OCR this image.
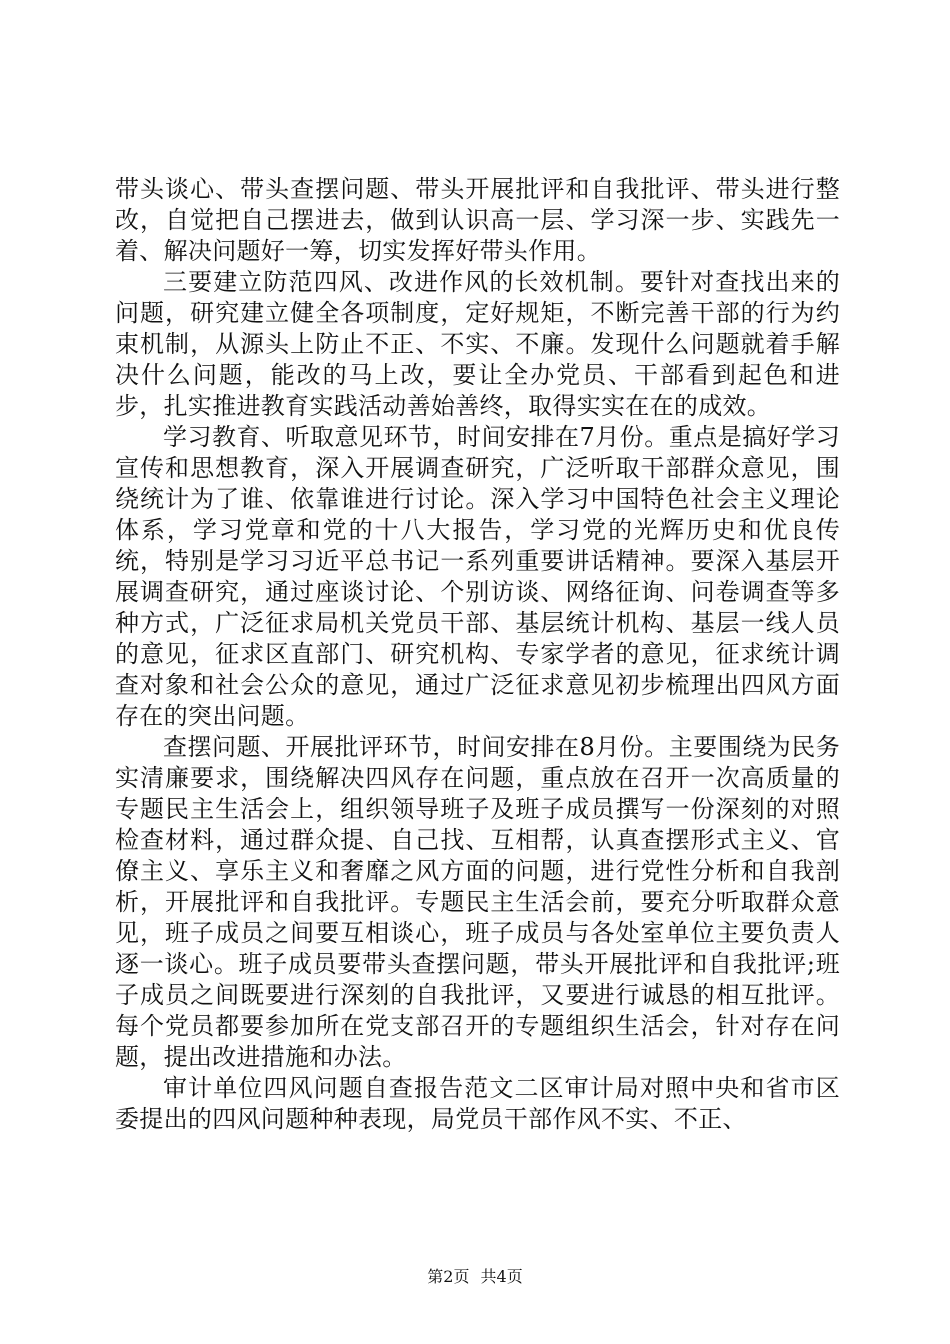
带头谈心、带头查摆问题、带头开展批评和自我批评、带头进行整改，自觉把自己摆进去，做到认识高一层、学习深一步、实践先一着、解决问题好一筹，切实发挥好带头作用。

三要建立防范四风、改进作风的长效机制。要针对查找出来的问题，研究建立健全各项制度，定好规矩，不断完善干部的行为约束机制，从源头上防止不正、不实、不廉。发现什么问题就着手解决什么问题，能改的马上改，要让全办党员、干部看到起色和进步，扎实推进教育实践活动善始善终，取得实实在在的成效。

学习教育、听取意见环节，时间安排在7月份。重点是搞好学习宣传和思想教育，深入开展调查研究，广泛听取干部群众意见，围绕统计为了谁、依靠谁进行讨论。深入学习中国特色社会主义理论体系，学习党章和党的十八大报告，学习党的光辉历史和优良传统，特别是学习习近平总书记一系列重要讲话精神。要深入基层开展调查研究，通过座谈讨论、个别访谈、网络征询、问卷调查等多种方式，广泛征求局机关党员干部、基层统计机构、基层一线人员的意见，征求区直部门、研究机构、专家学者的意见，征求统计调查对象和社会公众的意见，通过广泛征求意见初步梳理出四风方面存在的突出问题。

查摆问题、开展批评环节，时间安排在8月份。主要围绕为民务实清廉要求，围绕解决四风存在问题，重点放在召开一次高质量的专题民主生活会上，组织领导班子及班子成员撰写一份深刻的对照检查材料，通过群众提、自己找、互相帮，认真查摆形式主义、官僚主义、享乐主义和奢靡之风方面的问题，进行党性分析和自我剖析，开展批评和自我批评。专题民主生活会前，要充分听取群众意见，班子成员之间要互相谈心，班子成员与各处室单位主要负责人逐一谈心。班子成员要带头查摆问题，带头开展批评和自我批评;班子成员之间既要进行深刻的自我批评，又要进行诚恳的相互批评。每个党员都要参加所在党支部召开的专题组织生活会，针对存在问题，提出改进措施和办法。

审计单位四风问题自查报告范文二区审计局对照中央和省市区委提出的四风问题种种表现，局党员干部作风不实、不正、

第2页 共4页
